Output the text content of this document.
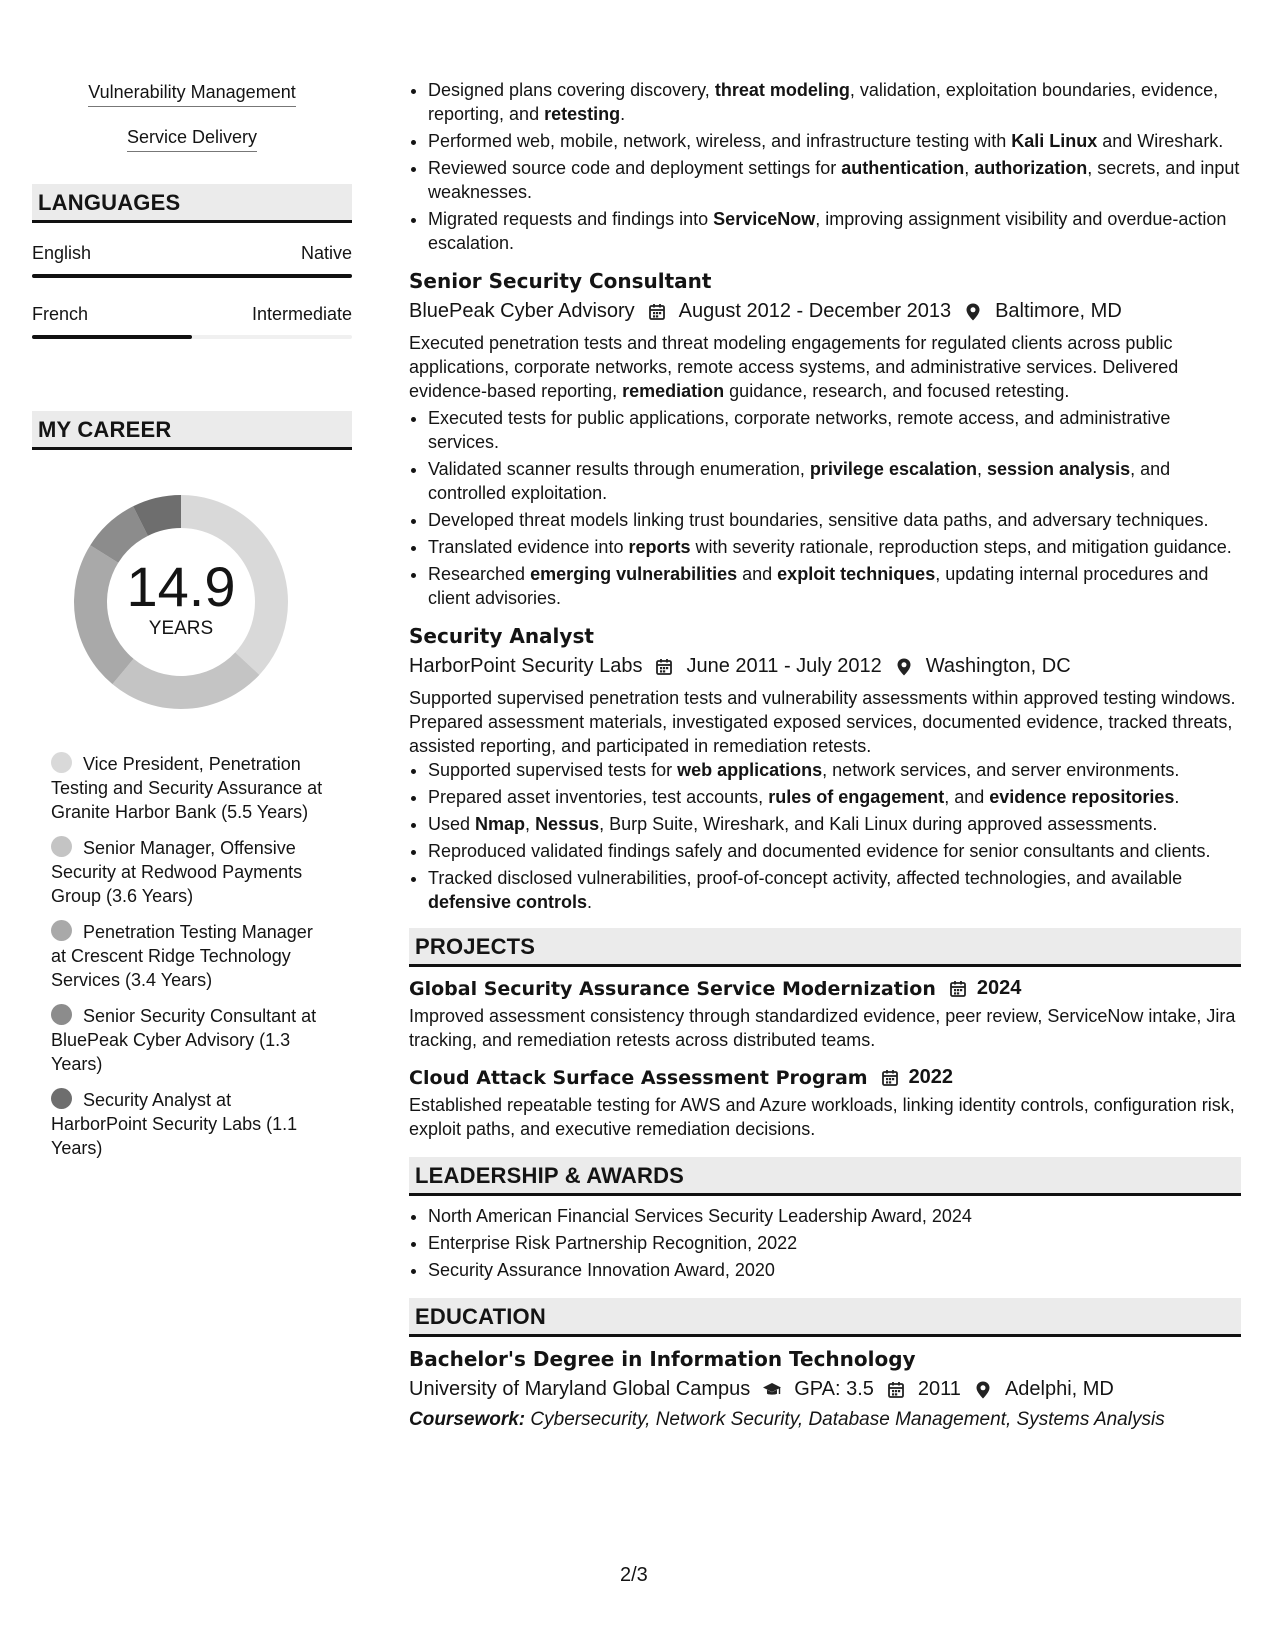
Vulnerability Management
Service Delivery
LANGUAGES
English	Native
French	Intermediate
MY CAREER
14.9
YEARS
Vice President, Penetration Testing and Security Assurance at Granite Harbor Bank (5.5 Years)
Senior Manager, Offensive Security at Redwood Payments Group (3.6 Years)
Penetration Testing Manager at Crescent Ridge Technology Services (3.4 Years)
Senior Security Consultant at BluePeak Cyber Advisory (1.3 Years)
Security Analyst at HarborPoint Security Labs (1.1 Years)
• Designed plans covering discovery, threat modeling, validation, exploitation boundaries, evidence, reporting, and retesting.
• Performed web, mobile, network, wireless, and infrastructure testing with Kali Linux and Wireshark.
• Reviewed source code and deployment settings for authentication, authorization, secrets, and input weaknesses.
• Migrated requests and findings into ServiceNow, improving assignment visibility and overdue-action escalation.
Senior Security Consultant
BluePeak Cyber Advisory August 2012 - December 2013 Baltimore, MD
Executed penetration tests and threat modeling engagements for regulated clients across public applications, corporate networks, remote access systems, and administrative services. Delivered evidence-based reporting, remediation guidance, research, and focused retesting.
• Executed tests for public applications, corporate networks, remote access, and administrative services.
• Validated scanner results through enumeration, privilege escalation, session analysis, and controlled exploitation.
• Developed threat models linking trust boundaries, sensitive data paths, and adversary techniques.
• Translated evidence into reports with severity rationale, reproduction steps, and mitigation guidance.
• Researched emerging vulnerabilities and exploit techniques, updating internal procedures and client advisories.
Security Analyst
HarborPoint Security Labs June 2011 - July 2012 Washington, DC
Supported supervised penetration tests and vulnerability assessments within approved testing windows. Prepared assessment materials, investigated exposed services, documented evidence, tracked threats, assisted reporting, and participated in remediation retests.
• Supported supervised tests for web applications, network services, and server environments.
• Prepared asset inventories, test accounts, rules of engagement, and evidence repositories.
• Used Nmap, Nessus, Burp Suite, Wireshark, and Kali Linux during approved assessments.
• Reproduced validated findings safely and documented evidence for senior consultants and clients.
• Tracked disclosed vulnerabilities, proof-of-concept activity, affected technologies, and available defensive controls.
PROJECTS
Global Security Assurance Service Modernization 2024
Improved assessment consistency through standardized evidence, peer review, ServiceNow intake, Jira tracking, and remediation retests across distributed teams.
Cloud Attack Surface Assessment Program 2022
Established repeatable testing for AWS and Azure workloads, linking identity controls, configuration risk, exploit paths, and executive remediation decisions.
LEADERSHIP & AWARDS
• North American Financial Services Security Leadership Award, 2024
• Enterprise Risk Partnership Recognition, 2022
• Security Assurance Innovation Award, 2020
EDUCATION
Bachelor's Degree in Information Technology
University of Maryland Global Campus GPA: 3.5 2011 Adelphi, MD
Coursework: Cybersecurity, Network Security, Database Management, Systems Analysis
2/3
